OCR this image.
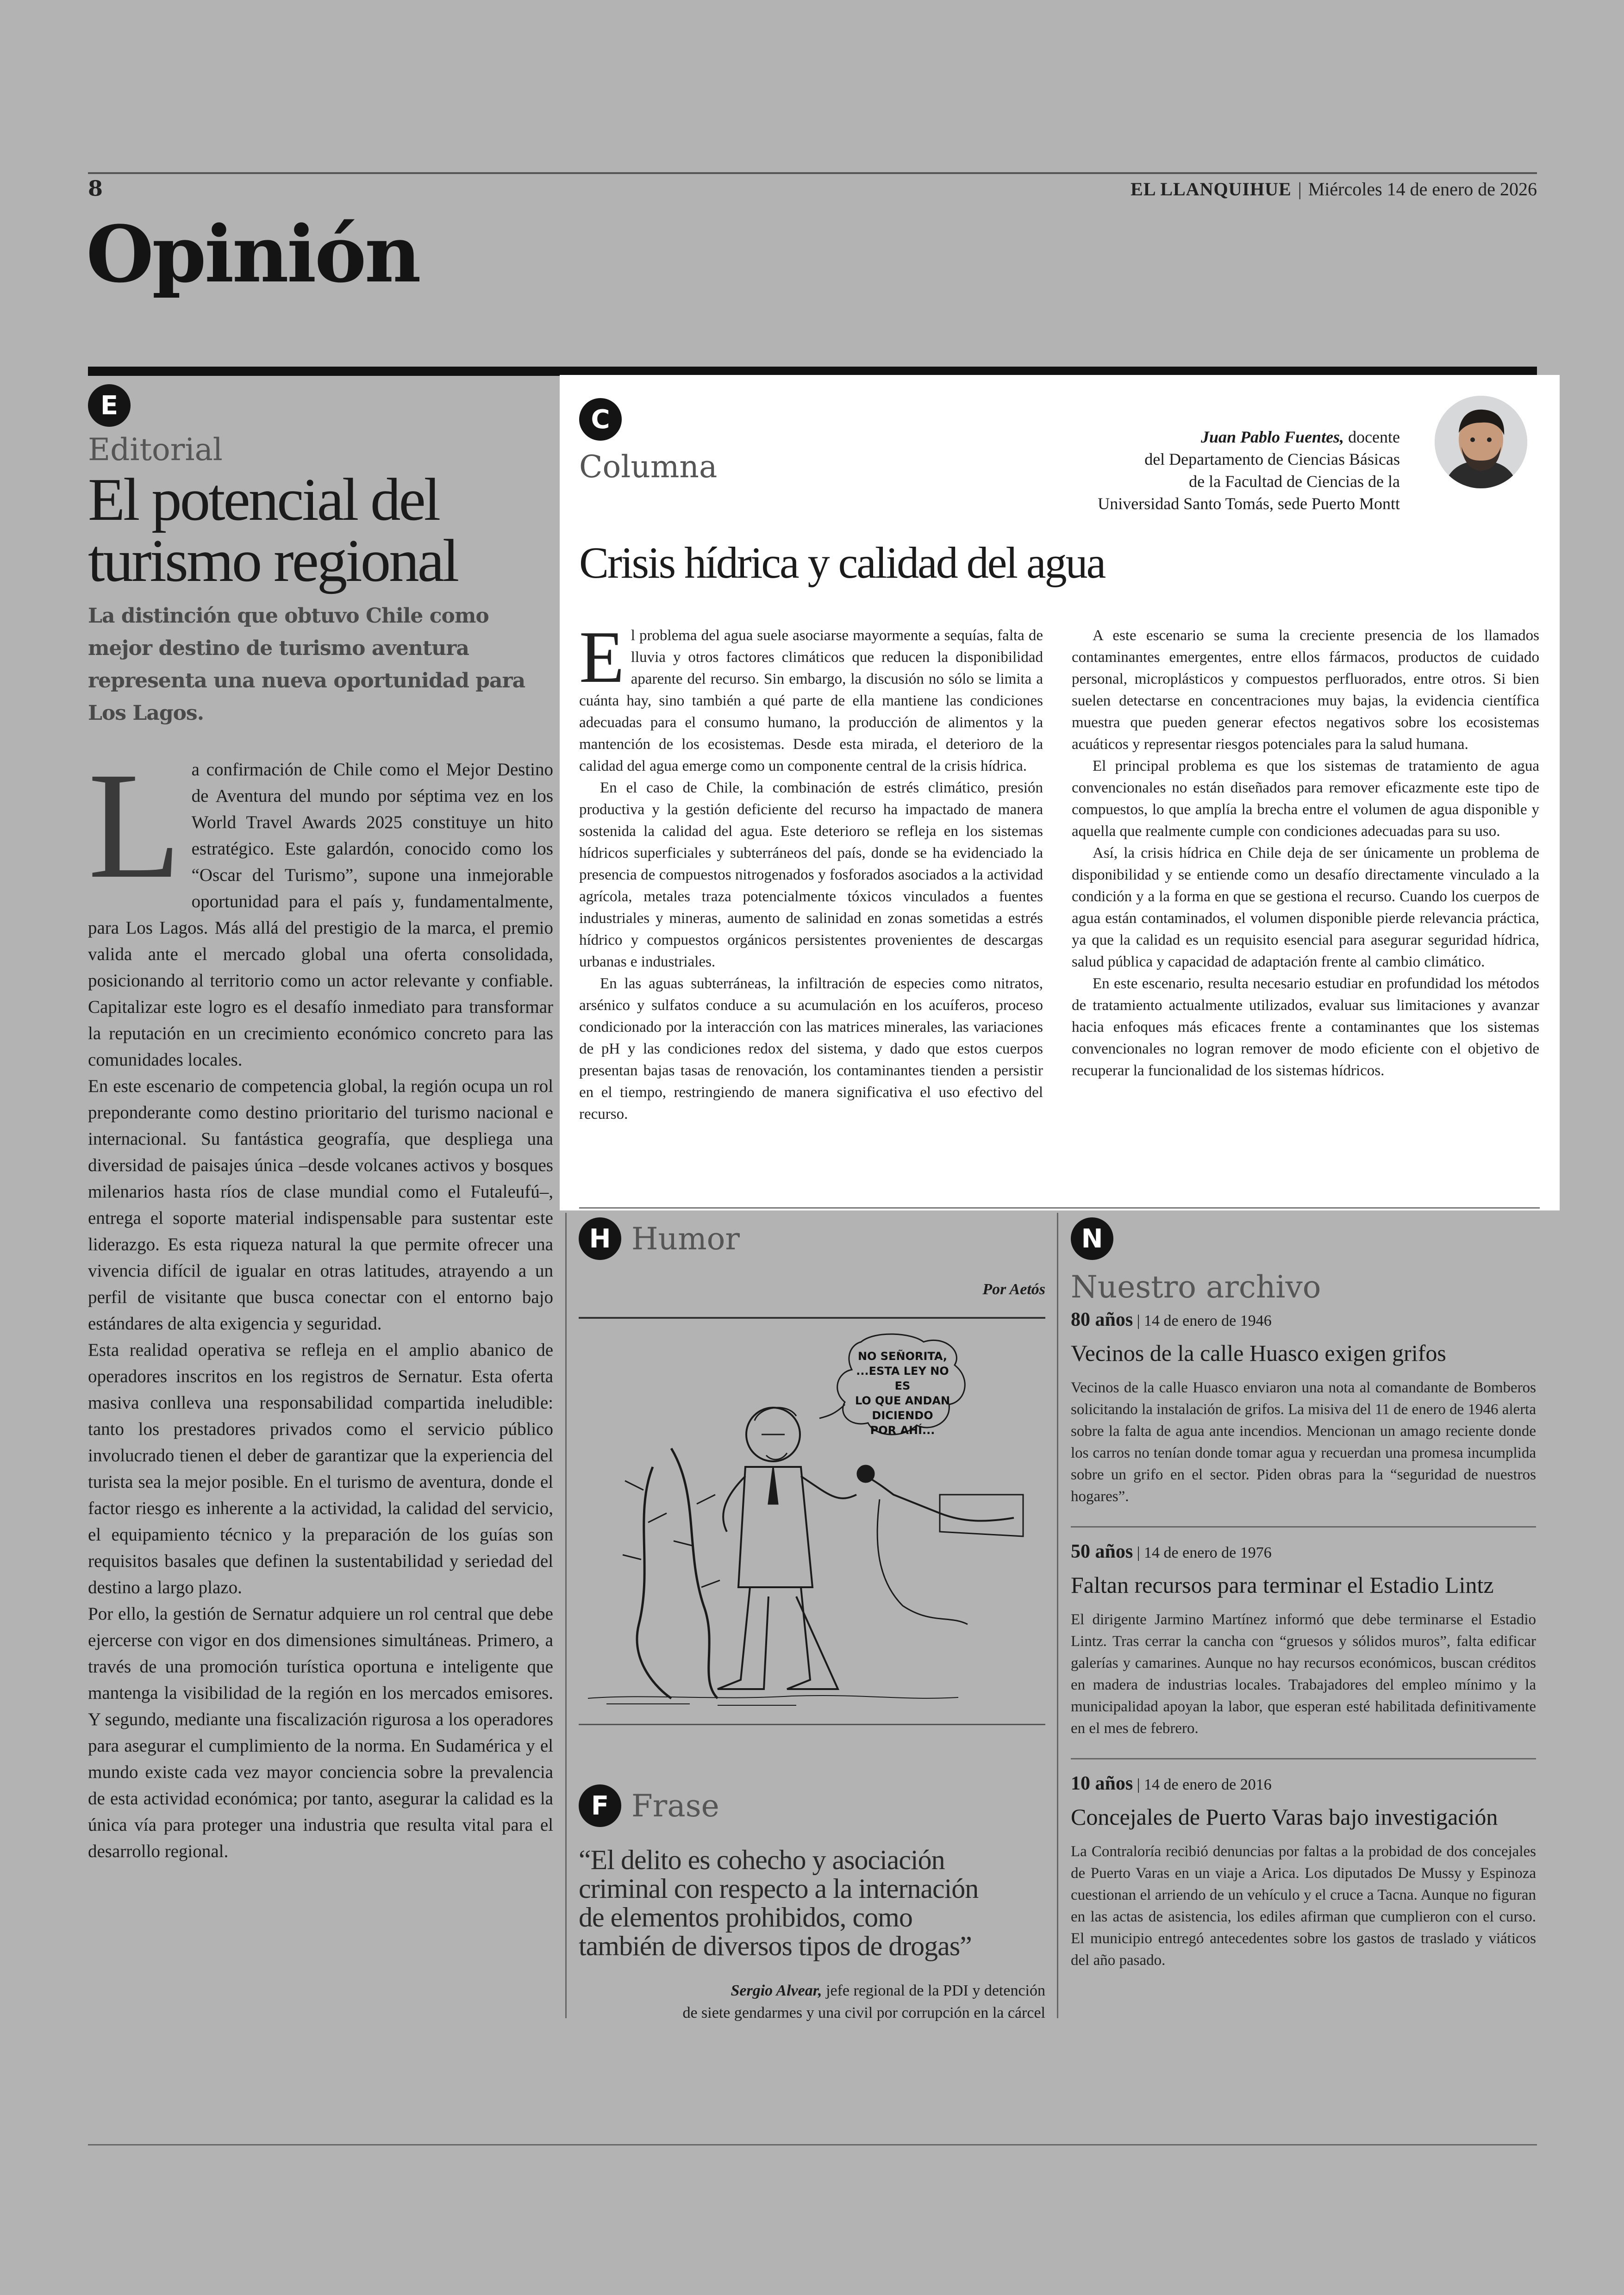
8	EL LLANQUIHUE | Miércoles 14 de enero de 2026
Opinión
E
Editorial
El potencial del
turismo regional
La distinción que obtuvo Chile como mejor destino de turismo aventura representa una nueva oportunidad para Los Lagos.
L a confirmación de Chile como el Mejor Destino de Aventura del mundo por séptima vez en los World Travel Awards 2025 constituye un hito estratégico. Este galardón, conocido como los “Oscar del Turismo”, supone una inmejorable oportunidad para el país y, fundamentalmente, para Los Lagos. Más allá del prestigio de la marca, el premio valida ante el mercado global una oferta consolidada, posicionando al territorio como un actor relevante y confiable. Capitalizar este logro es el desafío inmediato para transformar la reputación en un crecimiento económico concreto para las comunidades locales.

En este escenario de competencia global, la región ocupa un rol preponderante como destino prioritario del turismo nacional e internacional. Su fantástica geografía, que despliega una diversidad de paisajes única –desde volcanes activos y bosques milenarios hasta ríos de clase mundial como el Futaleufú–, entrega el soporte material indispensable para sustentar este liderazgo. Es esta riqueza natural la que permite ofrecer una vivencia difícil de igualar en otras latitudes, atrayendo a un perfil de visitante que busca conectar con el entorno bajo estándares de alta exigencia y seguridad.

Esta realidad operativa se refleja en el amplio abanico de operadores inscritos en los registros de Sernatur. Esta oferta masiva conlleva una responsabilidad compartida ineludible: tanto los prestadores privados como el servicio público involucrado tienen el deber de garantizar que la experiencia del turista sea la mejor posible. En el turismo de aventura, donde el factor riesgo es inherente a la actividad, la calidad del servicio, el equipamiento técnico y la preparación de los guías son requisitos basales que definen la sustentabilidad y seriedad del destino a largo plazo.

Por ello, la gestión de Sernatur adquiere un rol central que debe ejercerse con vigor en dos dimensiones simultáneas. Primero, a través de una promoción turística oportuna e inteligente que mantenga la visibilidad de la región en los mercados emisores. Y segundo, mediante una fiscalización rigurosa a los operadores para asegurar el cumplimiento de la norma. En Sudamérica y el mundo existe cada vez mayor conciencia sobre la prevalencia de esta actividad económica; por tanto, asegurar la calidad es la única vía para proteger una industria que resulta vital para el desarrollo regional.

C
Columna
Juan Pablo Fuentes, docente
del Departamento de Ciencias Básicas
de la Facultad de Ciencias de la
Universidad Santo Tomás, sede Puerto Montt
Crisis hídrica y calidad del agua
E l problema del agua suele asociarse mayormente a sequías, falta de lluvia y otros factores climáticos que reducen la disponibilidad aparente del recurso. Sin embargo, la discusión no sólo se limita a cuánta hay, sino también a qué parte de ella mantiene las condiciones adecuadas para el consumo humano, la producción de alimentos y la mantención de los ecosistemas. Desde esta mirada, el deterioro de la calidad del agua emerge como un componente central de la crisis hídrica.

En el caso de Chile, la combinación de estrés climático, presión productiva y la gestión deficiente del recurso ha impactado de manera sostenida la calidad del agua. Este deterioro se refleja en los sistemas hídricos superficiales y subterráneos del país, donde se ha evidenciado la presencia de compuestos nitrogenados y fosforados asociados a la actividad agrícola, metales traza potencialmente tóxicos vinculados a fuentes industriales y mineras, aumento de salinidad en zonas sometidas a estrés hídrico y compuestos orgánicos persistentes provenientes de descargas urbanas e industriales.

En las aguas subterráneas, la infiltración de especies como nitratos, arsénico y sulfatos conduce a su acumulación en los acuíferos, proceso condicionado por la interacción con las matrices minerales, las variaciones de pH y las condiciones redox del sistema, y dado que estos cuerpos presentan bajas tasas de renovación, los contaminantes tienden a persistir en el tiempo, restringiendo de manera significativa el uso efectivo del recurso.

A este escenario se suma la creciente presencia de los llamados contaminantes emergentes, entre ellos fármacos, productos de cuidado personal, microplásticos y compuestos perfluorados, entre otros. Si bien suelen detectarse en concentraciones muy bajas, la evidencia científica muestra que pueden generar efectos negativos sobre los ecosistemas acuáticos y representar riesgos potenciales para la salud humana.

El principal problema es que los sistemas de tratamiento de agua convencionales no están diseñados para remover eficazmente este tipo de compuestos, lo que amplía la brecha entre el volumen de agua disponible y aquella que realmente cumple con condiciones adecuadas para su uso.

Así, la crisis hídrica en Chile deja de ser únicamente un problema de disponibilidad y se entiende como un desafío directamente vinculado a la condición y a la forma en que se gestiona el recurso. Cuando los cuerpos de agua están contaminados, el volumen disponible pierde relevancia práctica, ya que la calidad es un requisito esencial para asegurar seguridad hídrica, salud pública y capacidad de adaptación frente al cambio climático.

En este escenario, resulta necesario estudiar en profundidad los métodos de tratamiento actualmente utilizados, evaluar sus limitaciones y avanzar hacia enfoques más eficaces frente a contaminantes que los sistemas convencionales no logran remover de modo eficiente con el objetivo de recuperar la funcionalidad de los sistemas hídricos.

H Humor
Por Aetós
NO SEÑORITA,
...ESTA LEY NO ES
LO QUE ANDAN
DICIENDO
POR AHÍ...
F Frase
“El delito es cohecho y asociación
criminal con respecto a la internación
de elementos prohibidos, como
también de diversos tipos de drogas”
Sergio Alvear, jefe regional de la PDI y detención
de siete gendarmes y una civil por corrupción en la cárcel
N
Nuestro archivo
80 años | 14 de enero de 1946
Vecinos de la calle Huasco exigen grifos
Vecinos de la calle Huasco enviaron una nota al comandante de Bomberos solicitando la instalación de grifos. La misiva del 11 de enero de 1946 alerta sobre la falta de agua ante incendios. Mencionan un amago reciente donde los carros no tenían donde tomar agua y recuerdan una promesa incumplida sobre un grifo en el sector. Piden obras para la “seguridad de nuestros hogares”.
50 años | 14 de enero de 1976
Faltan recursos para terminar el Estadio Lintz
El dirigente Jarmino Martínez informó que debe terminarse el Estadio Lintz. Tras cerrar la cancha con “gruesos y sólidos muros”, falta edificar galerías y camarines. Aunque no hay recursos económicos, buscan créditos en madera de industrias locales. Trabajadores del empleo mínimo y la municipalidad apoyan la labor, que esperan esté habilitada definitivamente en el mes de febrero.
10 años | 14 de enero de 2016
Concejales de Puerto Varas bajo investigación
La Contraloría recibió denuncias por faltas a la probidad de dos concejales de Puerto Varas en un viaje a Arica. Los diputados De Mussy y Espinoza cuestionan el arriendo de un vehículo y el cruce a Tacna. Aunque no figuran en las actas de asistencia, los ediles afirman que cumplieron con el curso. El municipio entregó antecedentes sobre los gastos de traslado y viáticos del año pasado.
